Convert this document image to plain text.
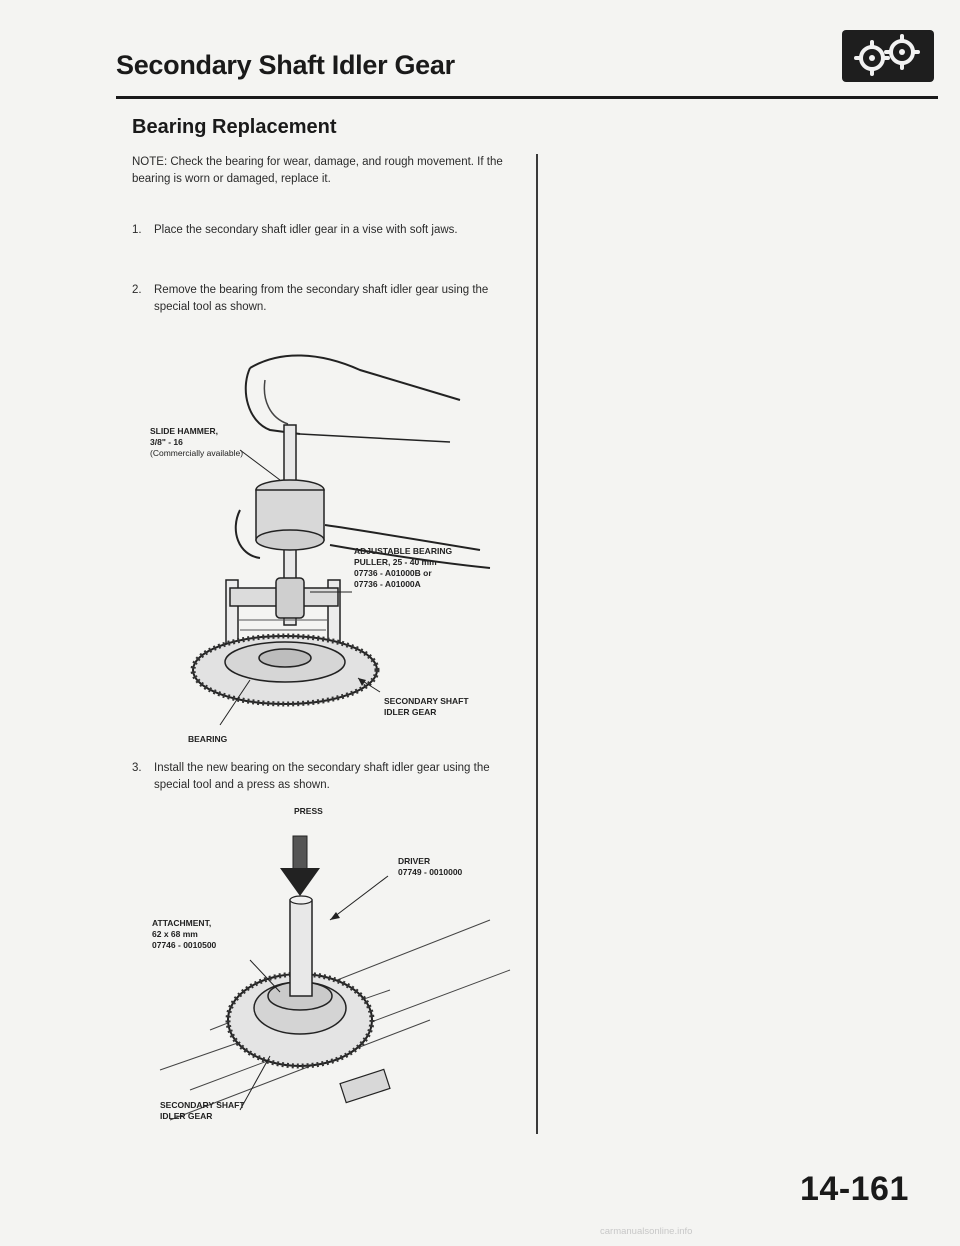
Secondary Shaft Idler Gear
Bearing Replacement
NOTE: Check the bearing for wear, damage, and rough movement. If the bearing is worn or damaged, replace it.
1.	Place the secondary shaft idler gear in a vise with soft jaws.
2.	Remove the bearing from the secondary shaft idler gear using the special tool as shown.
SLIDE HAMMER,
3/8" - 16
(Commercially available)
ADJUSTABLE BEARING
PULLER, 25 - 40 mm
07736 - A01000B or
07736 - A01000A
SECONDARY SHAFT
IDLER GEAR
BEARING
3.	Install the new bearing on the secondary shaft idler gear using the special tool and a press as shown.
PRESS
DRIVER
07749 - 0010000
ATTACHMENT,
62 x 68 mm
07746 - 0010500
SECONDARY SHAFT
IDLER GEAR
14-161
carmanualsonline.info
